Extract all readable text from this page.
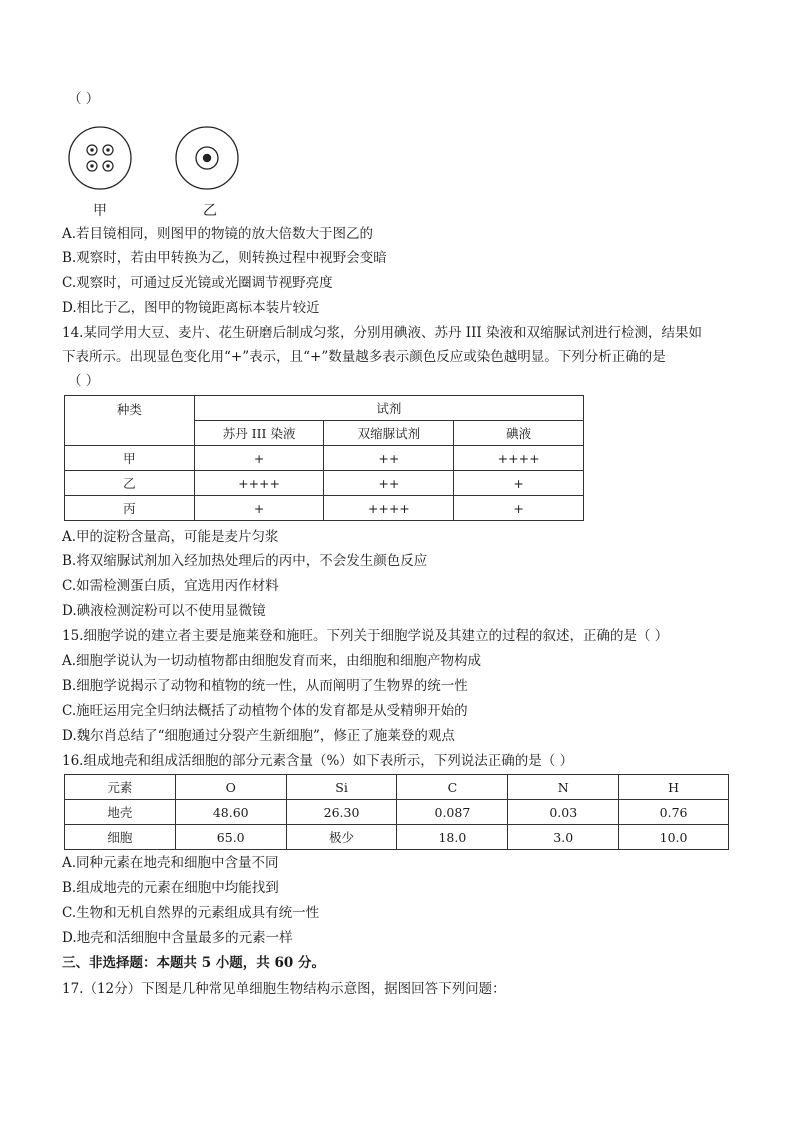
（ ）
甲	乙
A.若目镜相同，则图甲的物镜的放大倍数大于图乙的
B.观察时，若由甲转换为乙，则转换过程中视野会变暗
C.观察时，可通过反光镜或光圈调节视野亮度
D.相比于乙，图甲的物镜距离标本装片较近
14.某同学用大豆、麦片、花生研磨后制成匀浆，分别用碘液、苏丹 III 染液和双缩脲试剂进行检测，结果如
下表所示。出现显色变化用“+”表示，且“+”数量越多表示颜色反应或染色越明显。下列分析正确的是
（ ）
种类	试剂		
	苏丹 III 染液	双缩脲试剂	碘液
甲	+	++	++++
乙	++++	++	+
丙	+	++++	+
A.甲的淀粉含量高，可能是麦片匀浆
B.将双缩脲试剂加入经加热处理后的丙中，不会发生颜色反应
C.如需检测蛋白质，宜选用丙作材料
D.碘液检测淀粉可以不使用显微镜
15.细胞学说的建立者主要是施莱登和施旺。下列关于细胞学说及其建立的过程的叙述，正确的是（ ）
A.细胞学说认为一切动植物都由细胞发育而来，由细胞和细胞产物构成
B.细胞学说揭示了动物和植物的统一性，从而阐明了生物界的统一性
C.施旺运用完全归纳法概括了动植物个体的发育都是从受精卵开始的
D.魏尔肖总结了“细胞通过分裂产生新细胞”，修正了施莱登的观点
16.组成地壳和组成活细胞的部分元素含量（%）如下表所示，下列说法正确的是（ ）
元素	O	Si	C	N	H
地壳	48.60	26.30	0.087	0.03	0.76
细胞	65.0	极少	18.0	3.0	10.0
A.同种元素在地壳和细胞中含量不同
B.组成地壳的元素在细胞中均能找到
C.生物和无机自然界的元素组成具有统一性
D.地壳和活细胞中含量最多的元素一样
三、非选择题：本题共 5 小题，共 60 分。
17.（12分）下图是几种常见单细胞生物结构示意图，据图回答下列问题：
